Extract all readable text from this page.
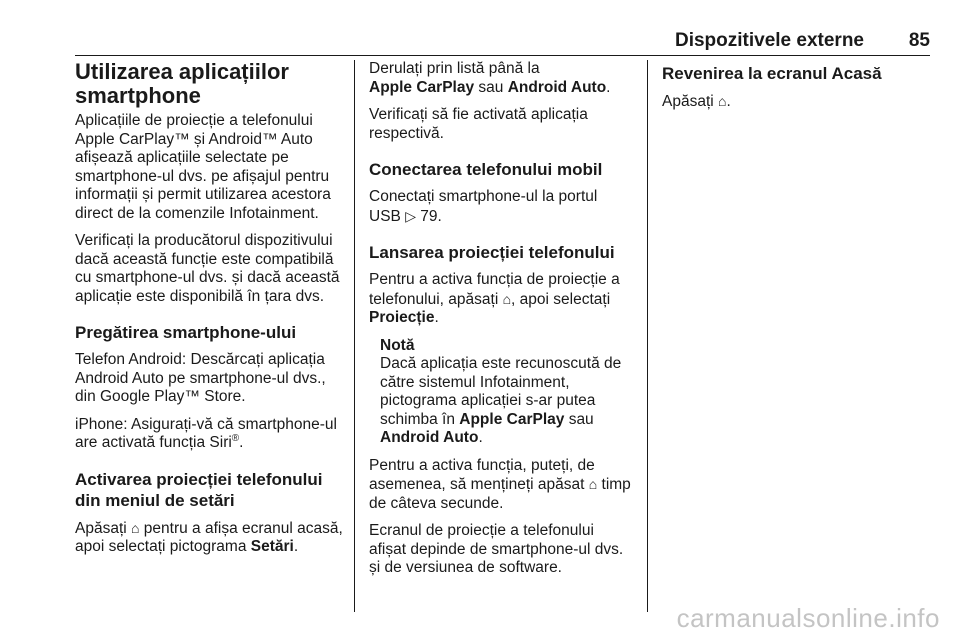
Dispozitivele externe 85
Utilizarea aplicațiilor smartphone

Aplicațiile de proiecție a telefonului Apple CarPlay™ și Android™ Auto afișează aplicațiile selectate pe smartphone-ul dvs. pe afișajul pentru informații și permit utilizarea acestora direct de la comenzile Infotainment.

Verificați la producătorul dispozitivului dacă această funcție este compatibilă cu smartphone-ul dvs. și dacă această aplicație este disponibilă în țara dvs.

Pregătirea smartphone-ului

Telefon Android: Descărcați aplicația Android Auto pe smartphone-ul dvs., din Google Play™ Store.

iPhone: Asigurați-vă că smartphone-ul are activată funcția Siri®.

Activarea proiecției telefonului din meniul de setări

Apăsați ⌂ pentru a afișa ecranul acasă, apoi selectați pictograma Setări.

Derulați prin listă până la
Apple CarPlay sau Android Auto.

Verificați să fie activată aplicația respectivă.

Conectarea telefonului mobil

Conectați smartphone-ul la portul USB ▷ 79.

Lansarea proiecției telefonului

Pentru a activa funcția de proiecție a telefonului, apăsați ⌂, apoi selectați
Proiecție.

Notă
Dacă aplicația este recunoscută de către sistemul Infotainment, pictograma aplicației s-ar putea schimba în Apple CarPlay sau
Android Auto.

Pentru a activa funcția, puteți, de asemenea, să mențineți apăsat ⌂ timp de câteva secunde.

Ecranul de proiecție a telefonului afișat depinde de smartphone-ul dvs. și de versiunea de software.

Revenirea la ecranul Acasă

Apăsați ⌂.

carmanualsonline.info
